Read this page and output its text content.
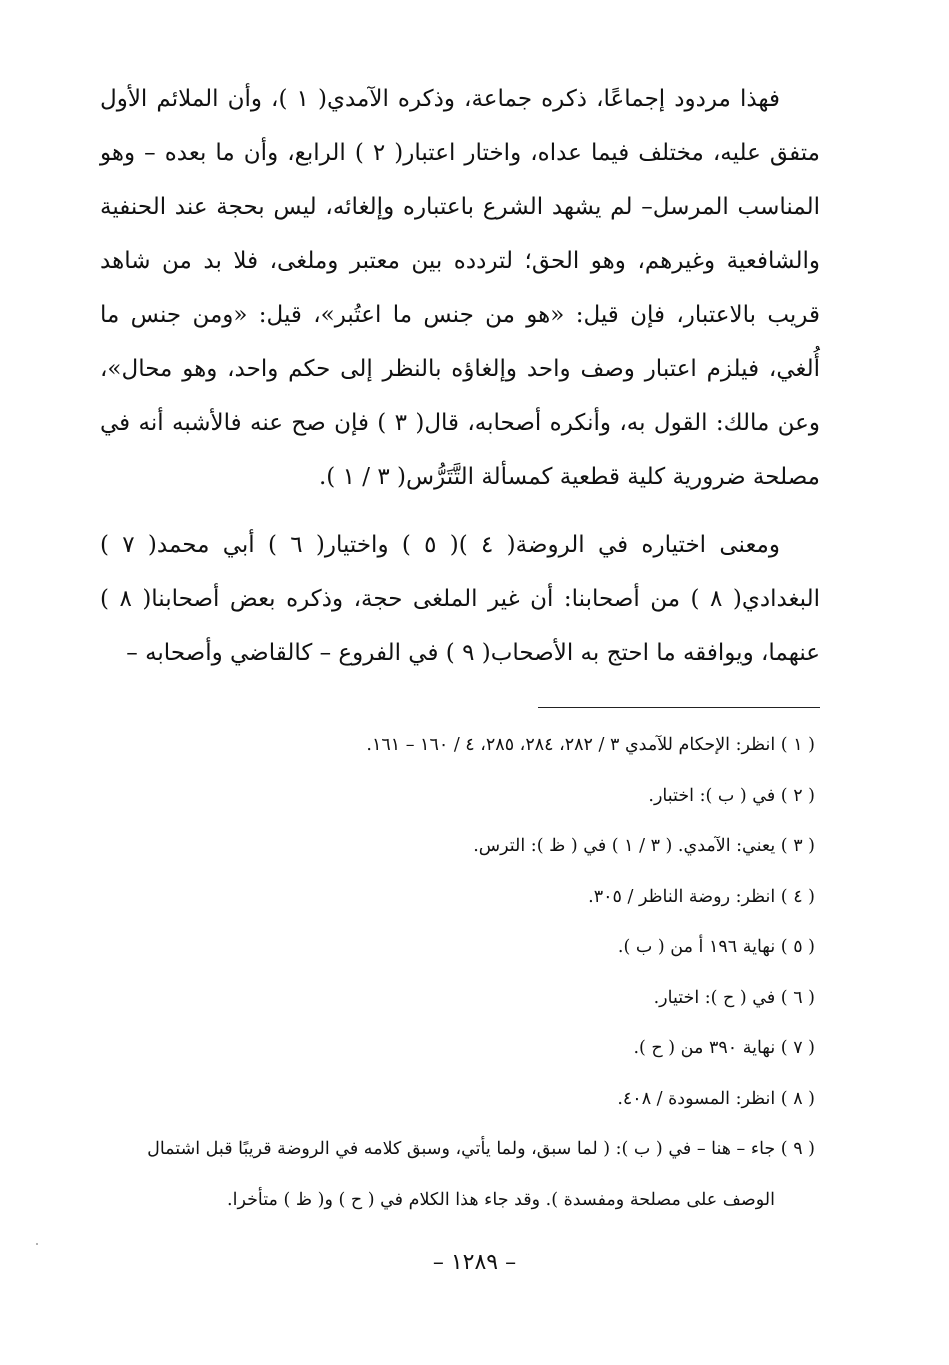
فهذا مردود إجماعًا، ذكره جماعة، وذكره الآمدي( ١ )، وأن الملائم الأول متفق عليه، مختلف فيما عداه، واختار اعتبار( ٢ ) الرابع، وأن ما بعده – وهو المناسب المرسل– لم يشهد الشرع باعتباره وإلغائه، ليس بحجة عند الحنفية والشافعية وغيرهم، وهو الحق؛ لتردده بين معتبر وملغى، فلا بد من شاهد قريب بالاعتبار، فإن قيل: «هو من جنس ما اعتُبر»، قيل: «ومن جنس ما أُلغي، فيلزم اعتبار وصف واحد وإلغاؤه بالنظر إلى حكم واحد، وهو محال»، وعن مالك: القول به، وأنكره أصحابه، قال( ٣ ) فإن صح عنه فالأشبه أنه في مصلحة ضرورية كلية قطعية كمسألة التَّتَرُّس( ٣ / ١ ).

ومعنى اختياره في الروضة( ٤ )( ٥ ) واختيار( ٦ ) أبي محمد( ٧ ) البغدادي( ٨ ) من أصحابنا: أن غير الملغى حجة، وذكره بعض أصحابنا( ٨ ) عنهما، ويوافقه ما احتج به الأصحاب( ٩ ) في الفروع – كالقاضي وأصحابه –

( ١ ) انظر: الإحكام للآمدي ٣ / ٢٨٢، ٢٨٤، ٢٨٥، ٤ / ١٦٠ – ١٦١.

( ٢ ) في ( ب ): اختبار.

( ٣ ) يعني: الآمدي. ( ٣ / ١ ) في ( ظ ): الترس.

( ٤ ) انظر: روضة الناظر / ٣٠٥.

( ٥ ) نهاية ١٩٦ أ من ( ب ).

( ٦ ) في ( ح ): اختيار.

( ٧ ) نهاية ٣٩٠ من ( ح ).

( ٨ ) انظر: المسودة / ٤٠٨.

( ٩ ) جاء – هنا – في ( ب ): ( لما سبق، ولما يأتي، وسبق كلامه في الروضة قريبًا قبل اشتمال

الوصف على مصلحة ومفسدة ). وقد جاء هذا الكلام في ( ح ) و( ظ ) متأخرا.

– ١٢٨٩ –
